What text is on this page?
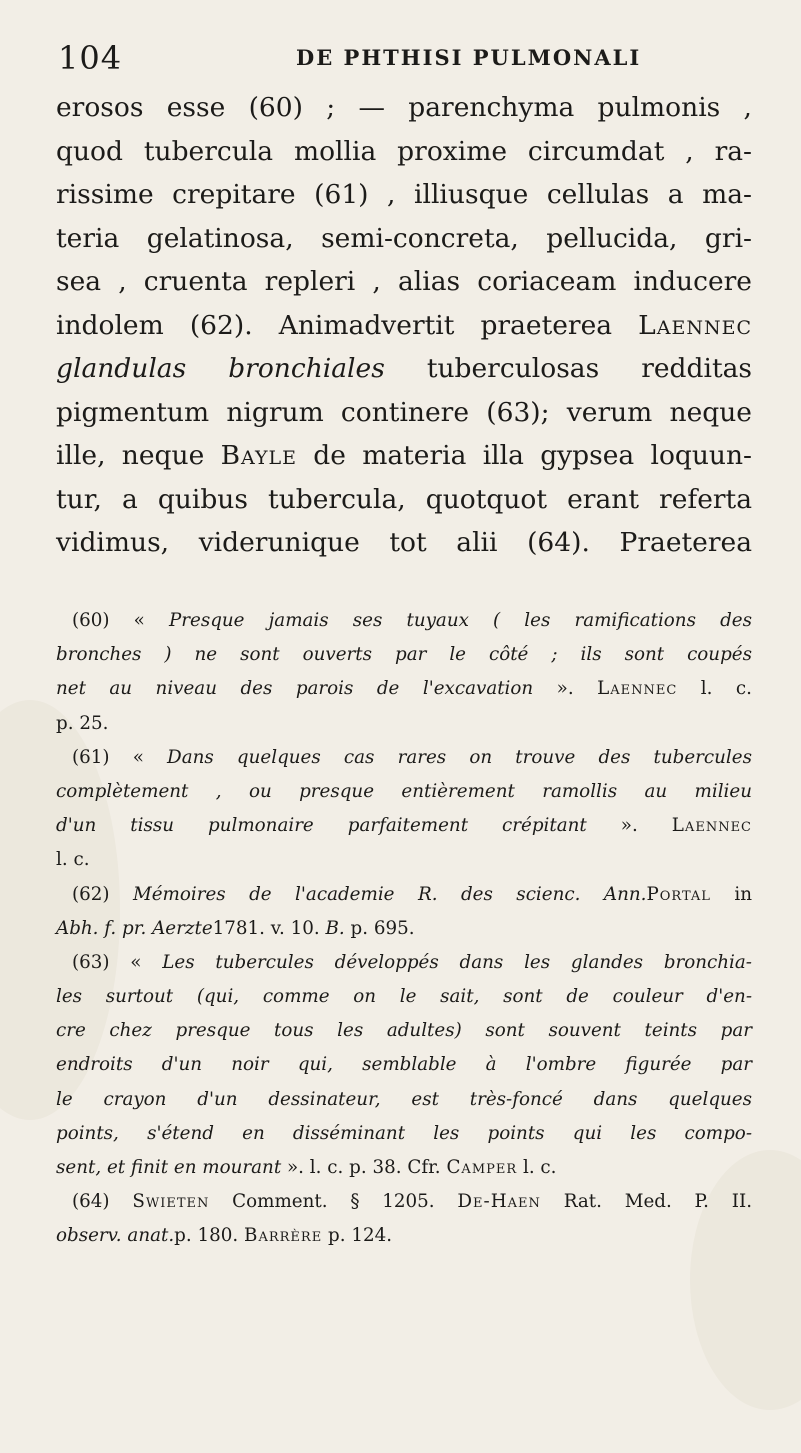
104	DE PHTHISI PULMONALI
erosos esse (60) ; — parenchyma pulmonis ,
quod tubercula mollia proxime circumdat , ra-
rissime crepitare (61) , illiusque cellulas a ma-
teria gelatinosa, semi-concreta, pellucida, gri-
sea , cruenta repleri , alias coriaceam inducere
indolem (62). Animadvertit praeterea Laennec
glandulas bronchiales tuberculosas redditas
pigmentum nigrum continere (63); verum neque
ille, neque Bayle de materia illa gypsea loquun-
tur, a quibus tubercula, quotquot erant referta
vidimus, viderunique tot alii (64). Praeterea
(60) « Presque jamais ses tuyaux ( les ramifications des
bronches ) ne sont ouverts par le côté ; ils sont coupés
net au niveau des parois de l'excavation ». Laennec l. c.
p. 25.
(61) « Dans quelques cas rares on trouve des tubercules
complètement , ou presque entièrement ramollis au milieu
d'un tissu pulmonaire parfaitement crépitant ». Laennec
l. c.
(62) Mémoires de l'academie R. des scienc. Ann.Portal in
Abh. f. pr. Aerzte1781. v. 10. B. p. 695.
(63) « Les tubercules développés dans les glandes bronchia-
les surtout (qui, comme on le sait, sont de couleur d'en-
cre chez presque tous les adultes) sont souvent teints par
endroits d'un noir qui, semblable à l'ombre figurée par
le crayon d'un dessinateur, est très-foncé dans quelques
points, s'étend en disséminant les points qui les compo-
sent, et finit en mourant ». l. c. p. 38. Cfr. Camper l. c.
(64) Swieten Comment. § 1205. De-Haen Rat. Med. P. II.
observ. anat.p. 180. Barrère p. 124.
